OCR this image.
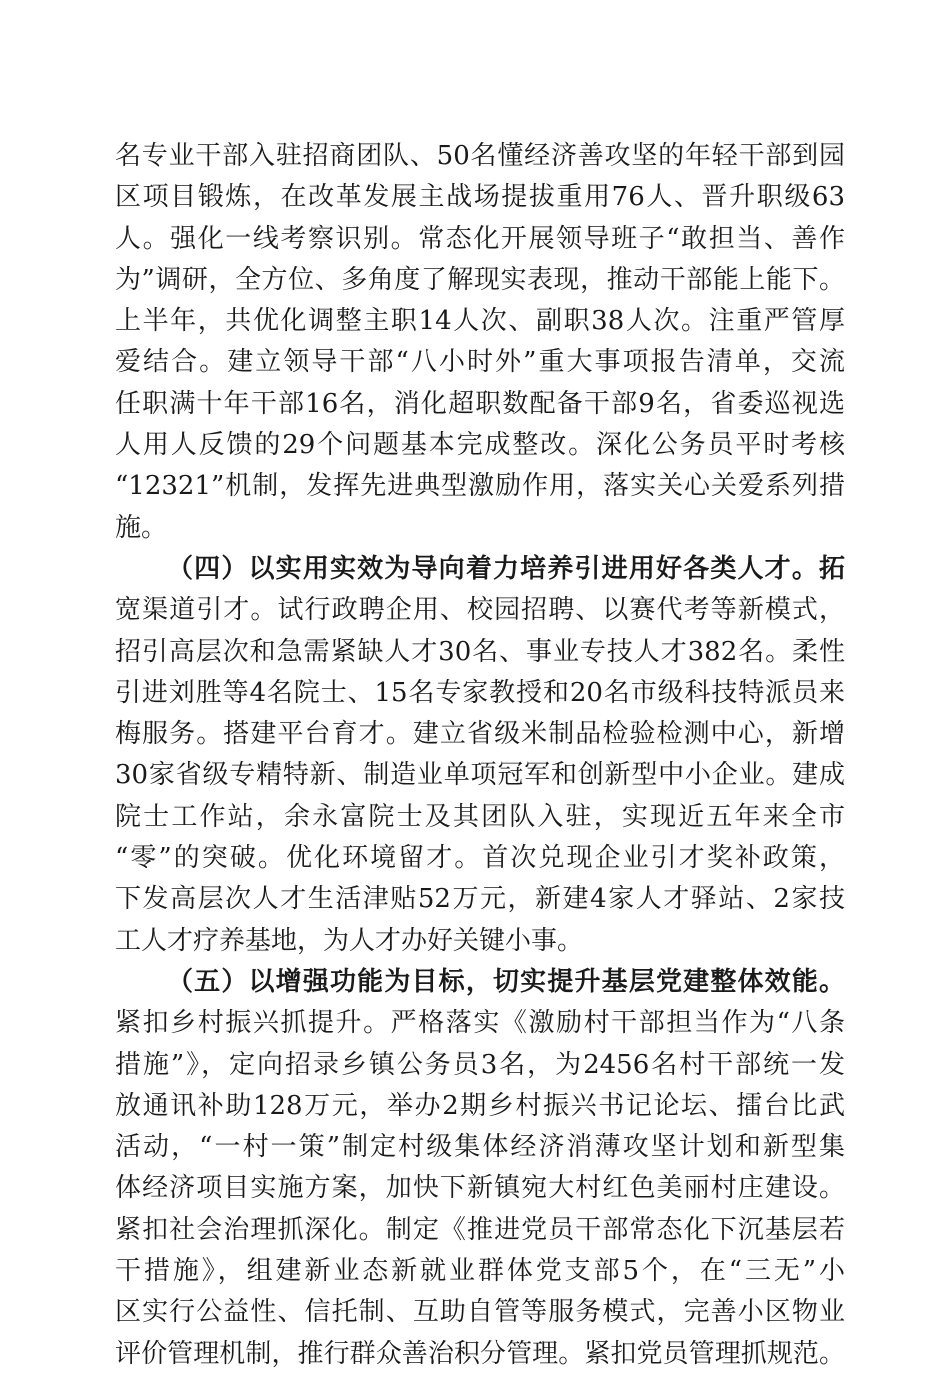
名专业干部入驻招商团队、50名懂经济善攻坚的年轻干部到园
区项目锻炼，在改革发展主战场提拔重用76人、晋升职级63
人。强化一线考察识别。常态化开展领导班子“敢担当、善作
为”调研，全方位、多角度了解现实表现，推动干部能上能下。
上半年，共优化调整主职14人次、副职38人次。注重严管厚
爱结合。建立领导干部“八小时外”重大事项报告清单，交流
任职满十年干部16名，消化超职数配备干部9名，省委巡视选
人用人反馈的29个问题基本完成整改。深化公务员平时考核
“12321”机制，发挥先进典型激励作用，落实关心关爱系列措
施。
（四）以实用实效为导向着力培养引进用好各类人才。拓
宽渠道引才。试行政聘企用、校园招聘、以赛代考等新模式，
招引高层次和急需紧缺人才30名、事业专技人才382名。柔性
引进刘胜等4名院士、15名专家教授和20名市级科技特派员来
梅服务。搭建平台育才。建立省级米制品检验检测中心，新增
30家省级专精特新、制造业单项冠军和创新型中小企业。建成
院士工作站，余永富院士及其团队入驻，实现近五年来全市
“零”的突破。优化环境留才。首次兑现企业引才奖补政策，
下发高层次人才生活津贴52万元，新建4家人才驿站、2家技
工人才疗养基地，为人才办好关键小事。
（五）以增强功能为目标，切实提升基层党建整体效能。
紧扣乡村振兴抓提升。严格落实《激励村干部担当作为“八条
措施”》，定向招录乡镇公务员3名，为2456名村干部统一发
放通讯补助128万元，举办2期乡村振兴书记论坛、擂台比武
活动，“一村一策”制定村级集体经济消薄攻坚计划和新型集
体经济项目实施方案，加快下新镇宛大村红色美丽村庄建设。
紧扣社会治理抓深化。制定《推进党员干部常态化下沉基层若
干措施》，组建新业态新就业群体党支部5个，在“三无”小
区实行公益性、信托制、互助自管等服务模式，完善小区物业
评价管理机制，推行群众善治积分管理。紧扣党员管理抓规范。
